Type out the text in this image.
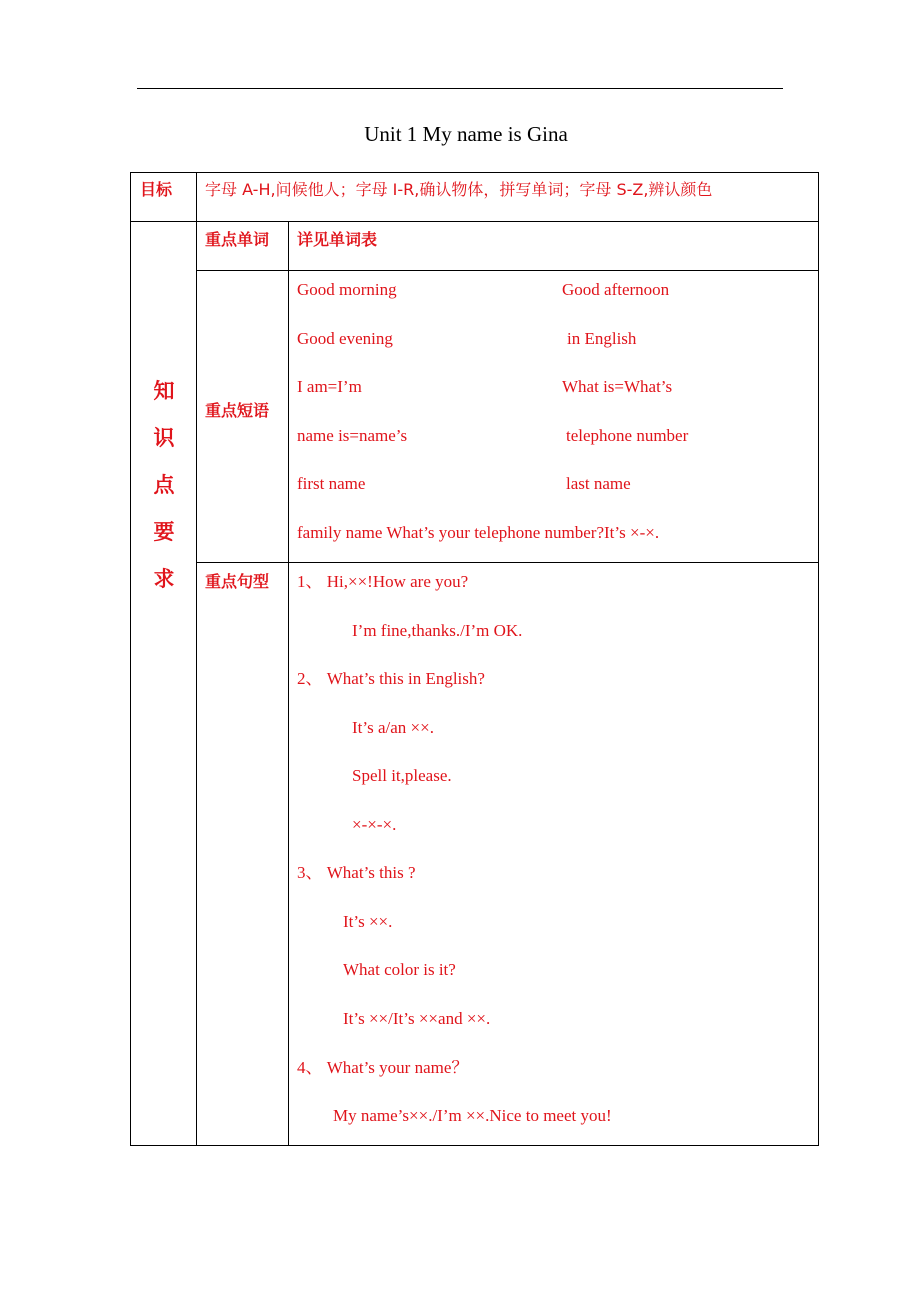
Unit 1 My name is Gina
目标 字母 A-H,问候他人；字母 I-R,确认物体，拼写单词；字母 S-Z,辨认颜色
知
识
点
要
求
重点单词 详见单词表
重点短语
Good morning	Good afternoon
Good evening	in English
I am=I’m	What is=What’s
name is=name’s	telephone number
first name	last name
family name What’s your telephone number?It’s ×-×.
重点句型 1、 Hi,××!How are you?
I’m fine,thanks./I’m OK.
2、 What’s this in English?
It’s a/an ××.
Spell it,please.
×-×-×.
3、 What’s this ?
It’s ××.
What color is it?
It’s ××/It’s ××and ××.
4、 What’s your name？
My name’s××./I’m ××.Nice to meet you!
